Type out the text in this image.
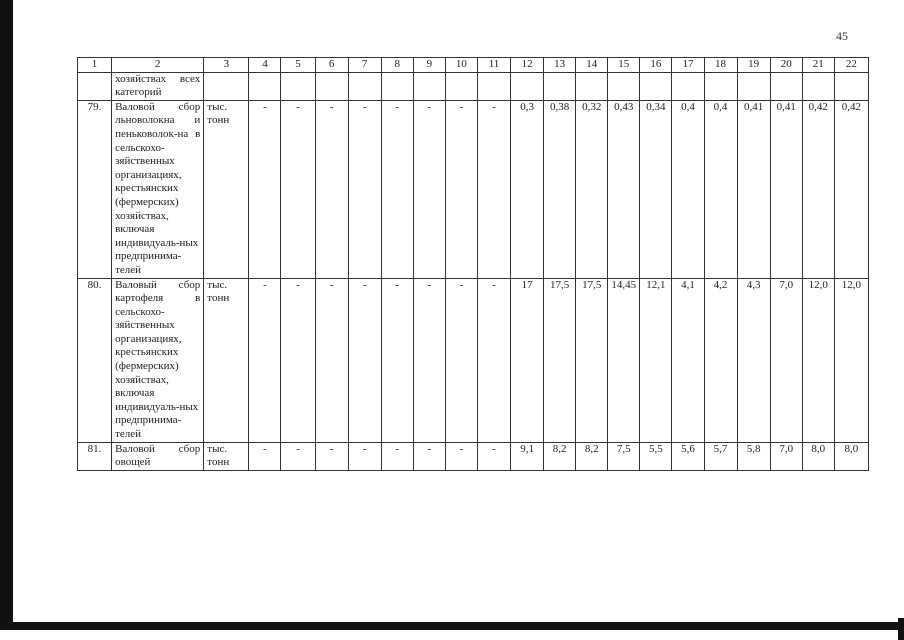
45
1	2	3	4	5	6	7	8	9	10	11	12	13	14	15	16	17	18	19	20	21	22
	хозяйствах всех категорий																				
79.	Валовой сбор льноволокна и пеньковолок-на в сельскохо-зяйственных организациях, крестьянских (фермерских) хозяйствах, включая индивидуаль-ных предпринима-телей	тыс. тонн	-	-	-	-	-	-	-	-	0,3	0,38	0,32	0,43	0,34	0,4	0,4	0,41	0,41	0,42	0,42
80.	Валовый сбор картофеля в сельскохо-зяйственных организациях, крестьянских (фермерских) хозяйствах, включая индивидуаль-ных предпринима-телей	тыс. тонн	-	-	-	-	-	-	-	-	17	17,5	17,5	14,45	12,1	4,1	4,2	4,3	7,0	12,0	12,0
81.	Валовой сбор овощей	тыс. тонн	-	-	-	-	-	-	-	-	9,1	8,2	8,2	7,5	5,5	5,6	5,7	5,8	7,0	8,0	8,0
